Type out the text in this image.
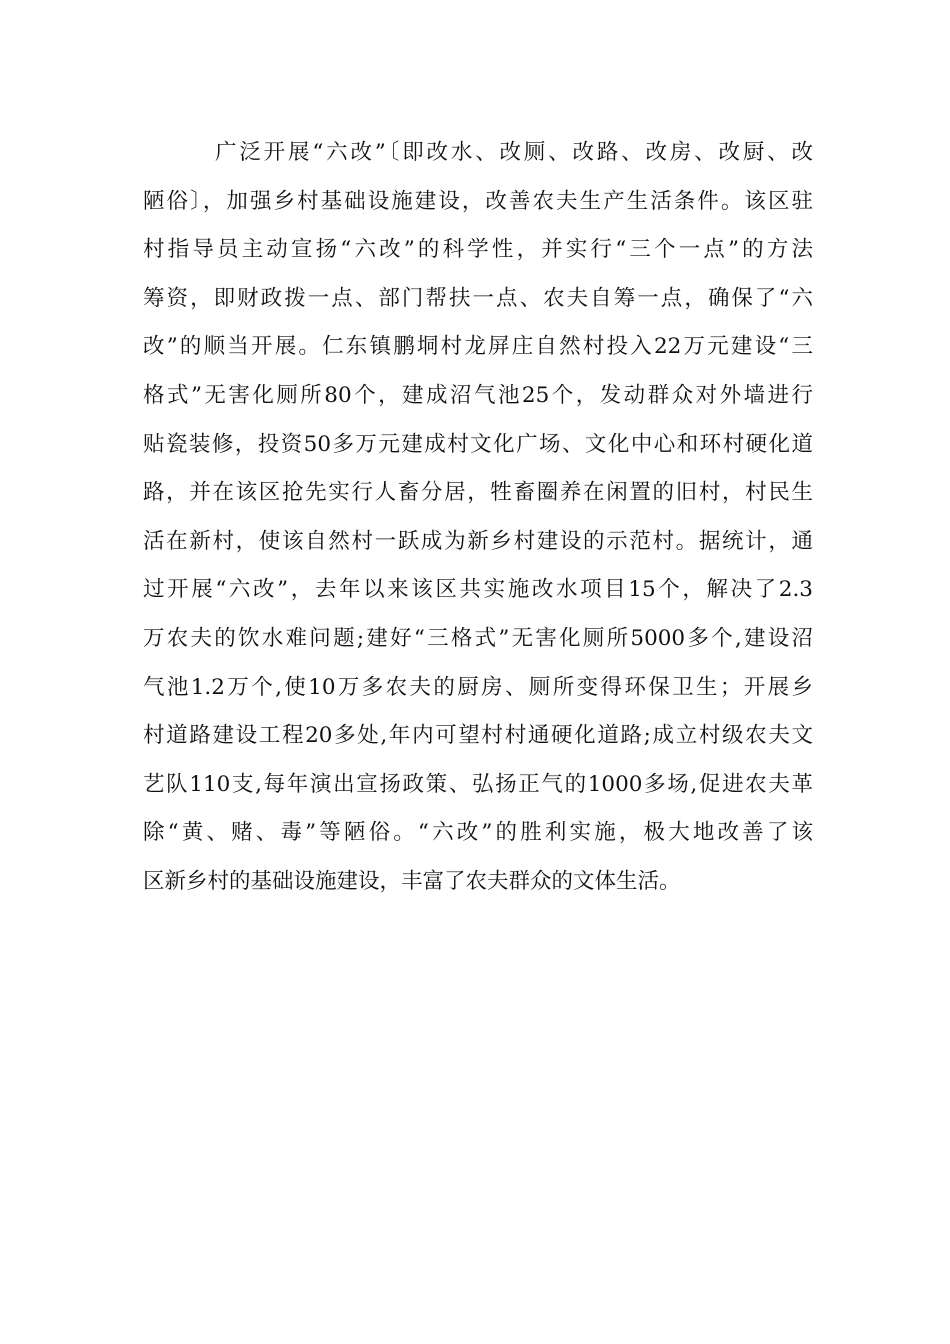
广泛开展“六改”〔即改水、改厕、改路、改房、改厨、改
陋俗〕，加强乡村基础设施建设，改善农夫生产生活条件。该区驻
村指导员主动宣扬“六改”的科学性，并实行“三个一点”的方法
筹资，即财政拨一点、部门帮扶一点、农夫自筹一点，确保了“六
改”的顺当开展。仁东镇鹏垌村龙屏庄自然村投入22万元建设“三
格式”无害化厕所80个，建成沼气池25个，发动群众对外墙进行
贴瓷装修，投资50多万元建成村文化广场、文化中心和环村硬化道
路，并在该区抢先实行人畜分居，牲畜圈养在闲置的旧村，村民生
活在新村，使该自然村一跃成为新乡村建设的示范村。据统计，通
过开展“六改”，去年以来该区共实施改水项目15个，解决了2.3
万农夫的饮水难问题;建好“三格式”无害化厕所5000多个,建设沼
气池1.2万个,使10万多农夫的厨房、厕所变得环保卫生；开展乡
村道路建设工程20多处,年内可望村村通硬化道路;成立村级农夫文
艺队110支,每年演出宣扬政策、弘扬正气的1000多场,促进农夫革
除“黄、赌、毒”等陋俗。“六改”的胜利实施，极大地改善了该
区新乡村的基础设施建设，丰富了农夫群众的文体生活。
